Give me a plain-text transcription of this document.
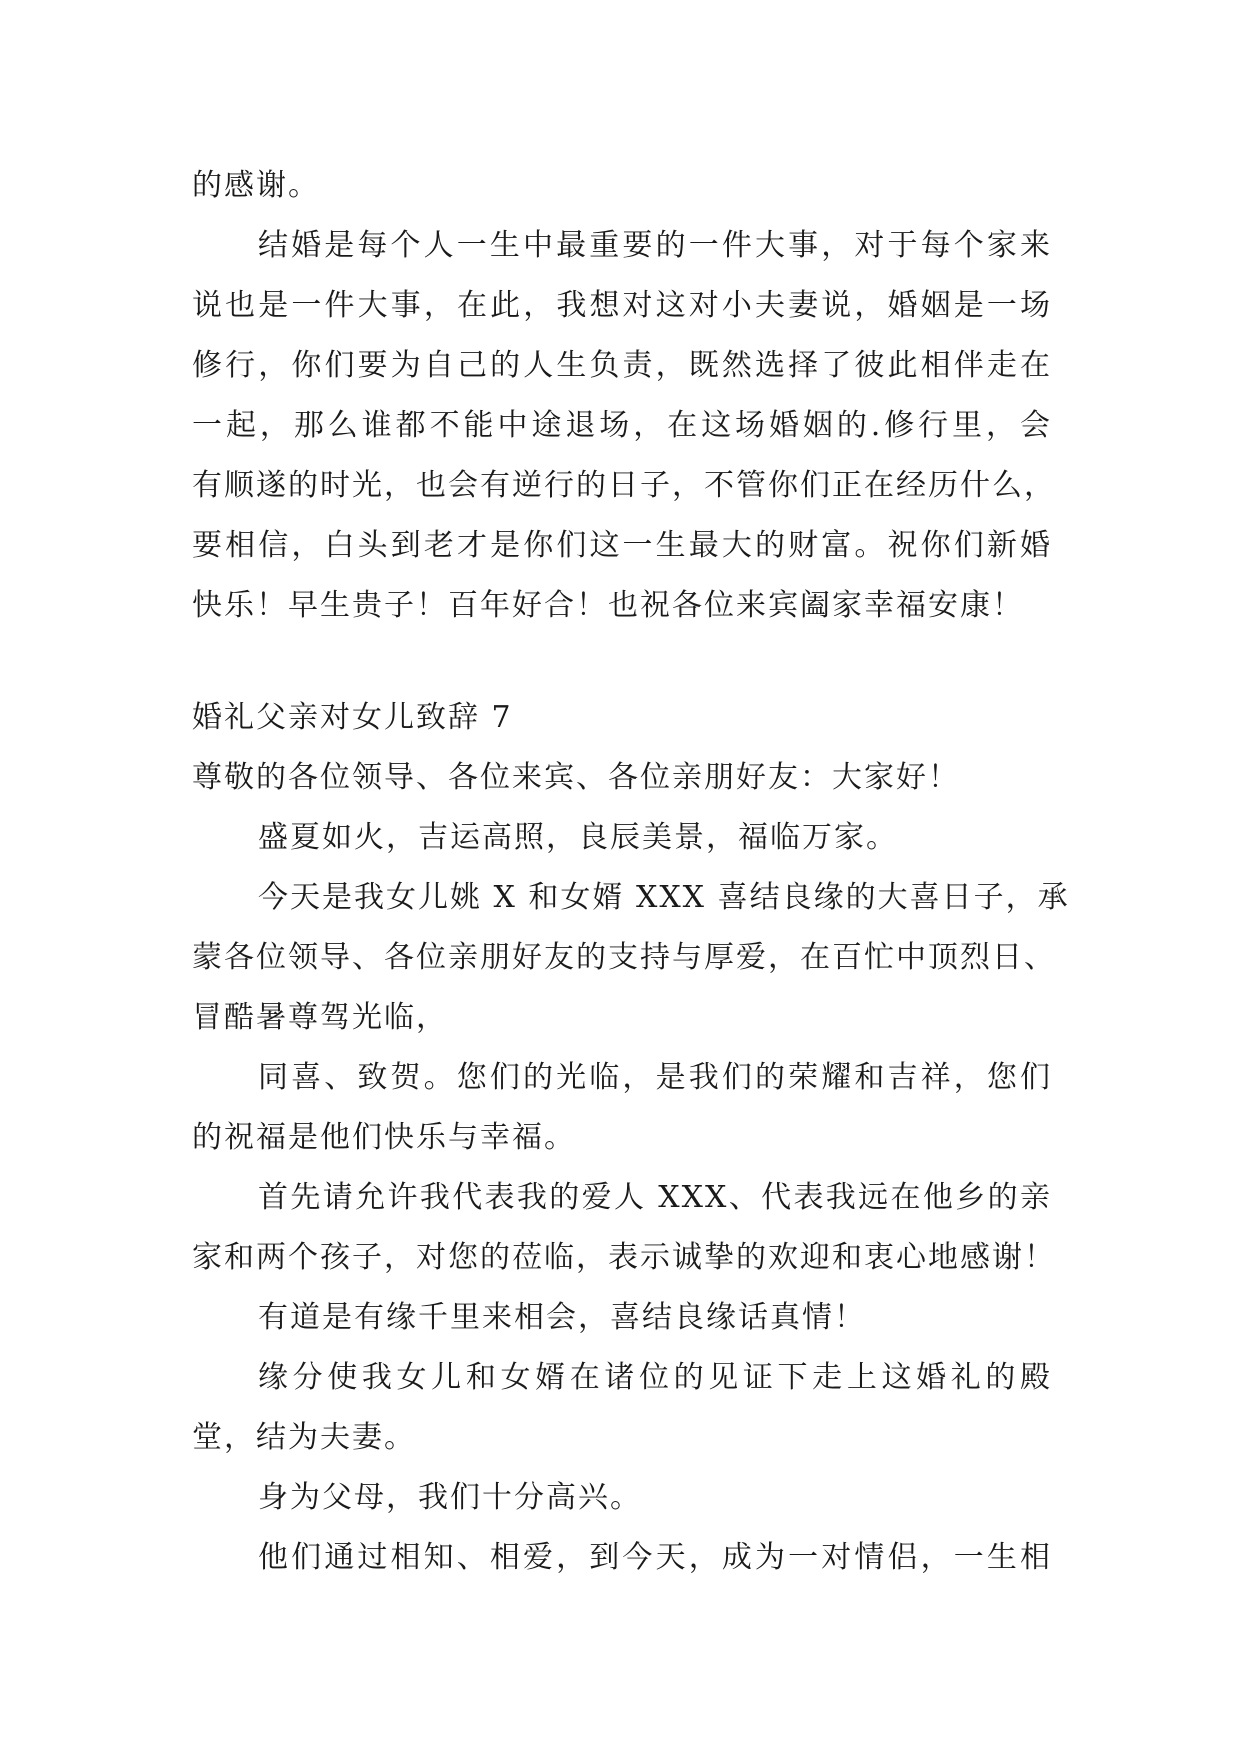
的感谢。
结婚是每个人一生中最重要的一件大事，对于每个家来
说也是一件大事，在此，我想对这对小夫妻说，婚姻是一场
修行，你们要为自己的人生负责，既然选择了彼此相伴走在
一起，那么谁都不能中途退场，在这场婚姻的.修行里，会
有顺遂的时光，也会有逆行的日子，不管你们正在经历什么，
要相信，白头到老才是你们这一生最大的财富。祝你们新婚
快乐！早生贵子！百年好合！也祝各位来宾阖家幸福安康！
婚礼父亲对女儿致辞 7
尊敬的各位领导、各位来宾、各位亲朋好友：大家好！
盛夏如火，吉运高照，良辰美景，福临万家。
今天是我女儿姚 X 和女婿 XXX 喜结良缘的大喜日子，承
蒙各位领导、各位亲朋好友的支持与厚爱，在百忙中顶烈日、
冒酷暑尊驾光临，
同喜、致贺。您们的光临，是我们的荣耀和吉祥，您们
的祝福是他们快乐与幸福。
首先请允许我代表我的爱人 XXX、代表我远在他乡的亲
家和两个孩子，对您的莅临，表示诚挚的欢迎和衷心地感谢！
有道是有缘千里来相会，喜结良缘话真情！
缘分使我女儿和女婿在诸位的见证下走上这婚礼的殿
堂，结为夫妻。
身为父母，我们十分高兴。
他们通过相知、相爱，到今天，成为一对情侣，一生相
